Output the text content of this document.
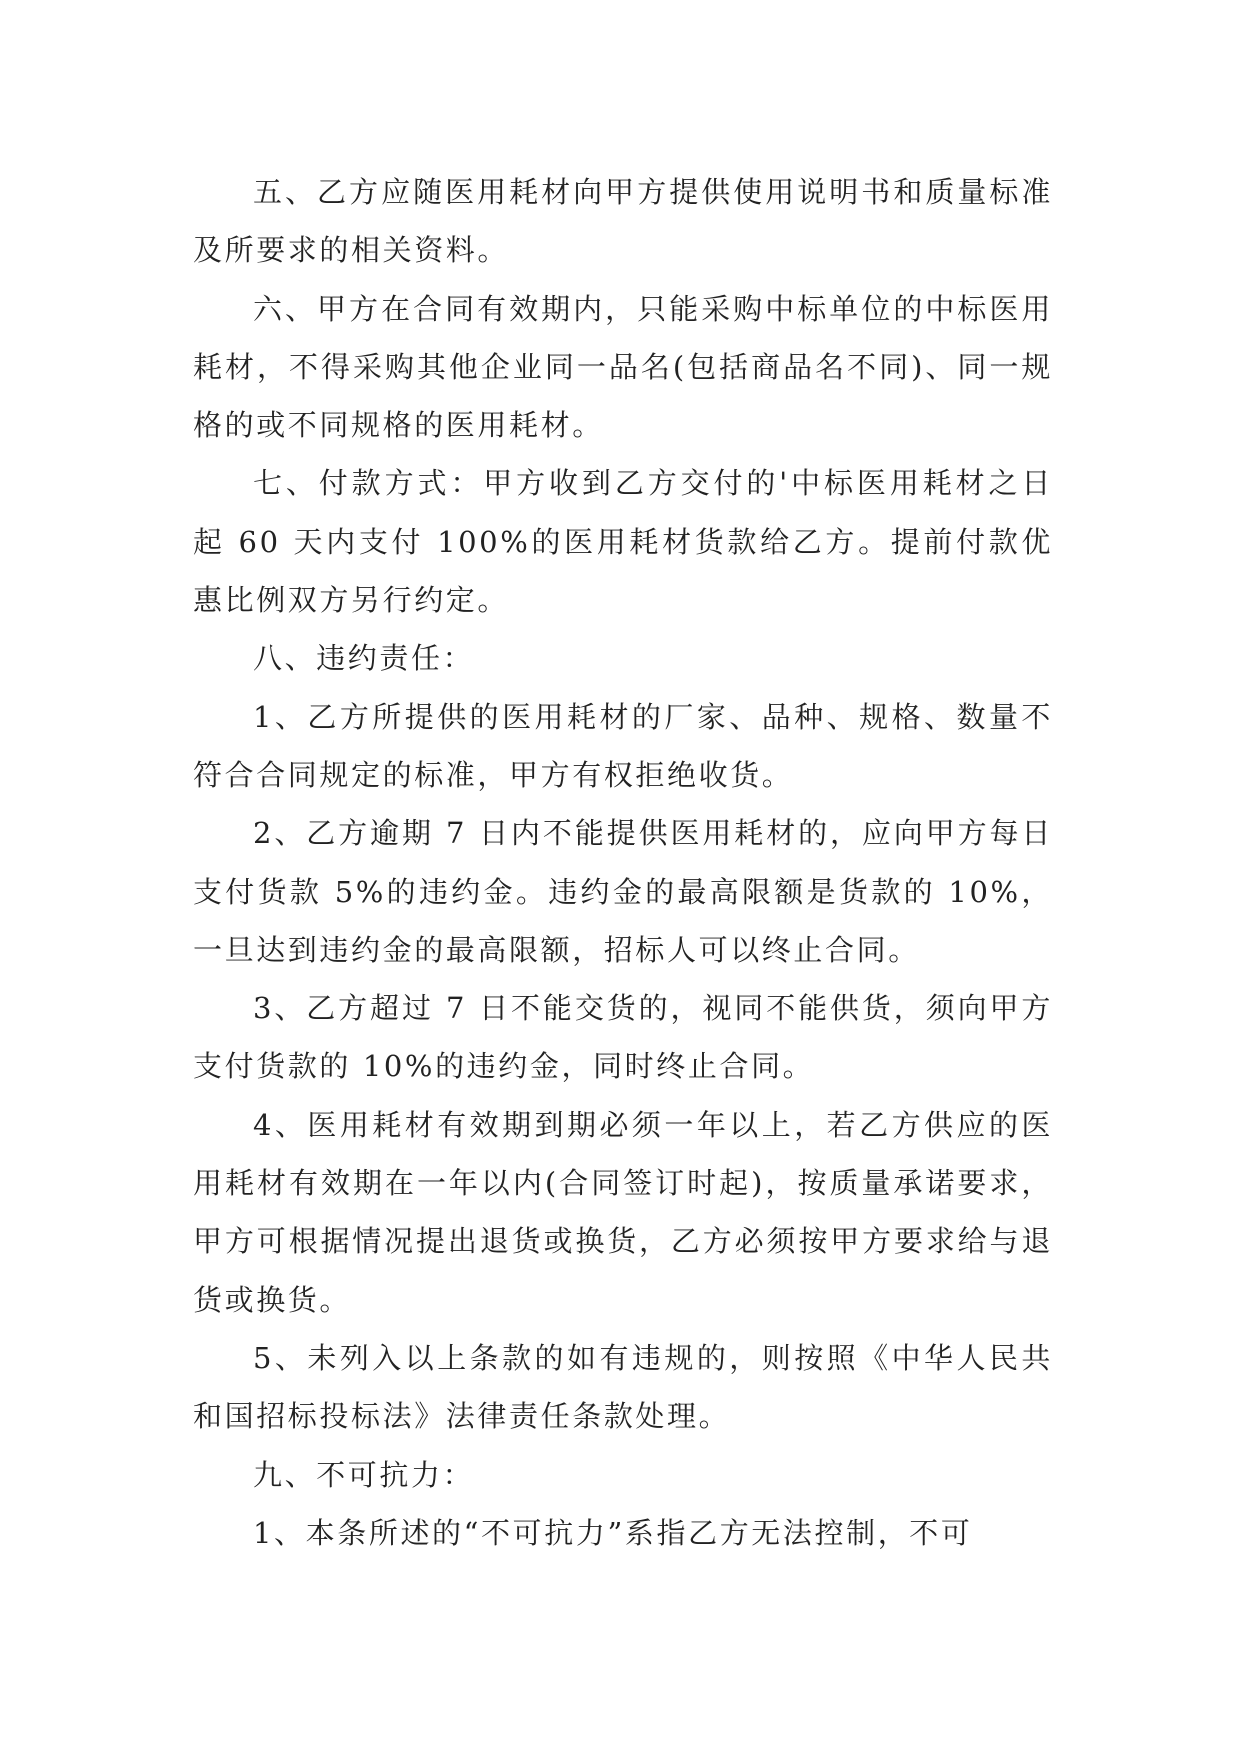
五、乙方应随医用耗材向甲方提供使用说明书和质量标准及所要求的相关资料。

六、甲方在合同有效期内，只能采购中标单位的中标医用耗材，不得采购其他企业同一品名(包括商品名不同)、同一规格的或不同规格的医用耗材。

七、付款方式：甲方收到乙方交付的'中标医用耗材之日起 60 天内支付 100%的医用耗材货款给乙方。提前付款优惠比例双方另行约定。

八、违约责任：

1、乙方所提供的医用耗材的厂家、品种、规格、数量不符合合同规定的标准，甲方有权拒绝收货。

2、乙方逾期 7 日内不能提供医用耗材的，应向甲方每日支付货款 5%的违约金。违约金的最高限额是货款的 10%，一旦达到违约金的最高限额，招标人可以终止合同。

3、乙方超过 7 日不能交货的，视同不能供货，须向甲方支付货款的 10%的违约金，同时终止合同。

4、医用耗材有效期到期必须一年以上，若乙方供应的医用耗材有效期在一年以内(合同签订时起)，按质量承诺要求，甲方可根据情况提出退货或换货，乙方必须按甲方要求给与退货或换货。

5、未列入以上条款的如有违规的，则按照《中华人民共和国招标投标法》法律责任条款处理。

九、不可抗力：

1、本条所述的“不可抗力”系指乙方无法控制，不可
